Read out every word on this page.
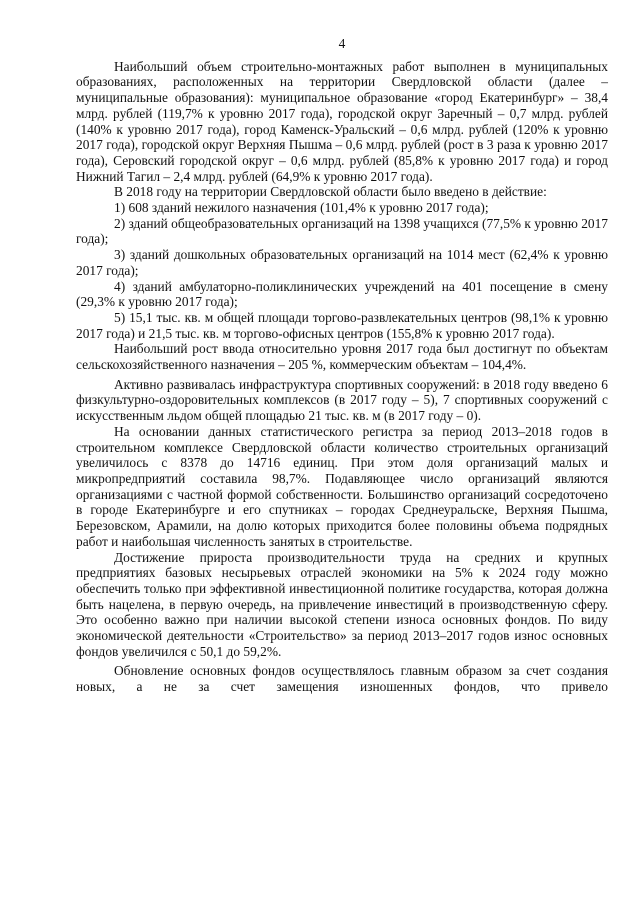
4

Наибольший объем строительно-монтажных работ выполнен в муниципальных образованиях, расположенных на территории Свердловской области (далее – муниципальные образования): муниципальное образование «город Екатеринбург» – 38,4 млрд. рублей (119,7% к уровню 2017 года), городской округ Заречный – 0,7 млрд. рублей (140% к уровню 2017 года), город Каменск-Уральский – 0,6 млрд. рублей (120% к уровню 2017 года), городской округ Верхняя Пышма – 0,6 млрд. рублей (рост в 3 раза к уровню 2017 года), Серовский городской округ – 0,6 млрд. рублей (85,8% к уровню 2017 года) и город Нижний Тагил – 2,4 млрд. рублей (64,9% к уровню 2017 года).

В 2018 году на территории Свердловской области было введено в действие:

1) 608 зданий нежилого назначения (101,4% к уровню 2017 года);

2) зданий общеобразовательных организаций на 1398 учащихся (77,5% к уровню 2017 года);

3) зданий дошкольных образовательных организаций на 1014 мест (62,4% к уровню 2017 года);

4) зданий амбулаторно-поликлинических учреждений на 401 посещение в смену (29,3% к уровню 2017 года);

5) 15,1 тыс. кв. м общей площади торгово-развлекательных центров (98,1% к уровню 2017 года) и 21,5 тыс. кв. м торгово-офисных центров (155,8% к уровню 2017 года).

Наибольший рост ввода относительно уровня 2017 года был достигнут по объектам сельскохозяйственного назначения – 205 %, коммерческим объектам – 104,4%.

Активно развивалась инфраструктура спортивных сооружений: в 2018 году введено 6 физкультурно-оздоровительных комплексов (в 2017 году – 5), 7 спортивных сооружений с искусственным льдом общей площадью 21 тыс. кв. м (в 2017 году – 0).

На основании данных статистического регистра за период 2013–2018 годов в строительном комплексе Свердловской области количество строительных организаций увеличилось с 8378 до 14716 единиц. При этом доля организаций малых и микропредприятий составила 98,7%. Подавляющее число организаций являются организациями с частной формой собственности. Большинство организаций сосредоточено в городе Екатеринбурге и его спутниках – городах Среднеуральске, Верхняя Пышма, Березовском, Арамили, на долю которых приходится более половины объема подрядных работ и наибольшая численность занятых в строительстве.

Достижение прироста производительности труда на средних и крупных предприятиях базовых несырьевых отраслей экономики на 5% к 2024 году можно обеспечить только при эффективной инвестиционной политике государства, которая должна быть нацелена, в первую очередь, на привлечение инвестиций в производственную сферу. Это особенно важно при наличии высокой степени износа основных фондов. По виду экономической деятельности «Строительство» за период 2013–2017 годов износ основных фондов увеличился с 50,1 до 59,2%.

Обновление основных фондов осуществлялось главным образом за счет создания новых, а не за счет замещения изношенных фондов, что привело
